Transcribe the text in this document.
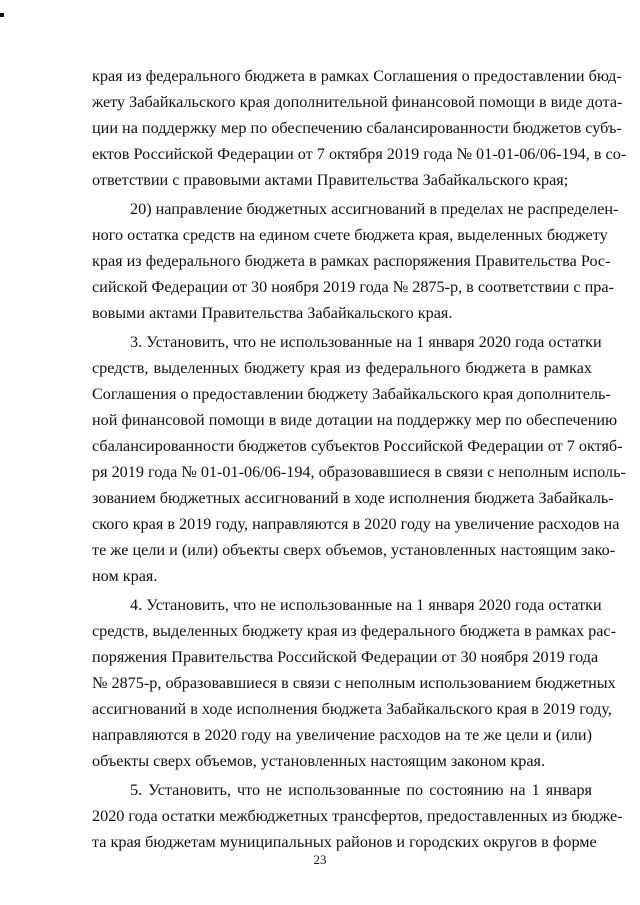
края из федерального бюджета в рамках Соглашения о предоставлении бюд-
жету Забайкальского края дополнительной финансовой помощи в виде дота-
ции на поддержку мер по обеспечению сбалансированности бюджетов субъ-
ектов Российской Федерации от 7 октября 2019 года № 01-01-06/06-194, в со-
ответствии с правовыми актами Правительства Забайкальского края;
20) направление бюджетных ассигнований в пределах не распределен-
ного остатка средств на едином счете бюджета края, выделенных бюджету
края из федерального бюджета в рамках распоряжения Правительства Рос-
сийской Федерации от 30 ноября 2019 года № 2875-р, в соответствии с пра-
вовыми актами Правительства Забайкальского края.
3. Установить, что не использованные на 1 января 2020 года остатки
средств, выделенных бюджету края из федерального бюджета в рамках
Соглашения о предоставлении бюджету Забайкальского края дополнитель-
ной финансовой помощи в виде дотации на поддержку мер по обеспечению
сбалансированности бюджетов субъектов Российской Федерации от 7 октяб-
ря 2019 года № 01-01-06/06-194, образовавшиеся в связи с неполным исполь-
зованием бюджетных ассигнований в ходе исполнения бюджета Забайкаль-
ского края в 2019 году, направляются в 2020 году на увеличение расходов на
те же цели и (или) объекты сверх объемов, установленных настоящим зако-
ном края.
4. Установить, что не использованные на 1 января 2020 года остатки
средств, выделенных бюджету края из федерального бюджета в рамках рас-
поряжения Правительства Российской Федерации от 30 ноября 2019 года
№ 2875-р, образовавшиеся в связи с неполным использованием бюджетных
ассигнований в ходе исполнения бюджета Забайкальского края в 2019 году,
направляются в 2020 году на увеличение расходов на те же цели и (или)
объекты сверх объемов, установленных настоящим законом края.
5. Установить, что не использованные по состоянию на 1 января
2020 года остатки межбюджетных трансфертов, предоставленных из бюдже-
та края бюджетам муниципальных районов и городских округов в форме
23
